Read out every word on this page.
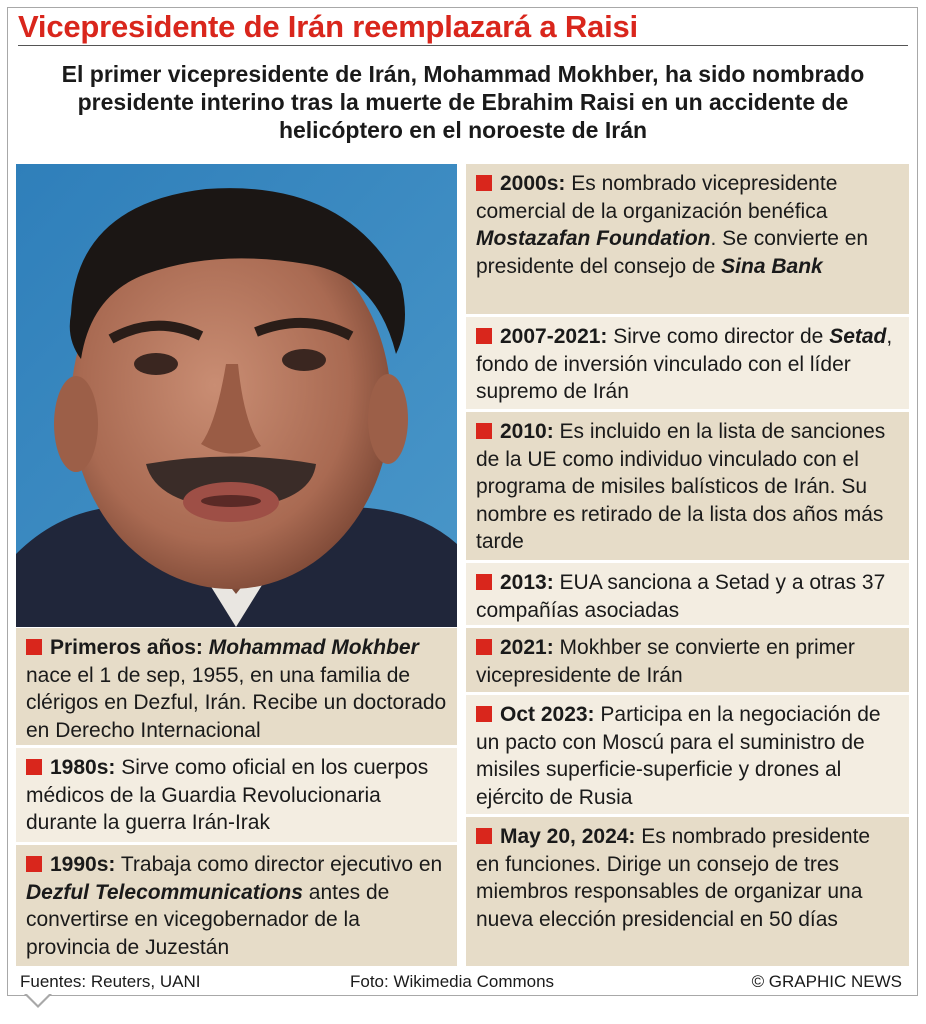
Vicepresidente de Irán reemplazará a Raisi

El primer vicepresidente de Irán, Mohammad Mokhber, ha sido nombrado presidente interino tras la muerte de Ebrahim Raisi en un accidente de helicóptero en el noroeste de Irán

Primeros años: Mohammad Mokhber nace el 1 de sep, 1955, en una familia de clérigos en Dezful, Irán. Recibe un doctorado en Derecho Internacional
1980s: Sirve como oficial en los cuerpos médicos de la Guardia Revolucionaria durante la guerra Irán-Irak
1990s: Trabaja como director ejecutivo en Dezful Telecommunications antes de convertirse en vicegobernador de la provincia de Juzestán
2000s: Es nombrado vicepresidente comercial de la organización benéfica Mostazafan Foundation. Se convierte en presidente del consejo de Sina Bank
2007-2021: Sirve como director de Setad, fondo de inversión vinculado con el líder supremo de Irán
2010: Es incluido en la lista de sanciones de la UE como individuo vinculado con el programa de misiles balísticos de Irán. Su nombre es retirado de la lista dos años más tarde
2013: EUA sanciona a Setad y a otras 37 compañías asociadas
2021: Mokhber se convierte en primer vicepresidente de Irán
Oct 2023: Participa en la negociación de un pacto con Moscú para el suministro de misiles superficie-superficie y drones al ejército de Rusia
May 20, 2024: Es nombrado presidente en funciones. Dirige un consejo de tres miembros responsables de organizar una nueva elección presidencial en 50 días
Fuentes: Reuters, UANI	Foto: Wikimedia Commons	© GRAPHIC NEWS
